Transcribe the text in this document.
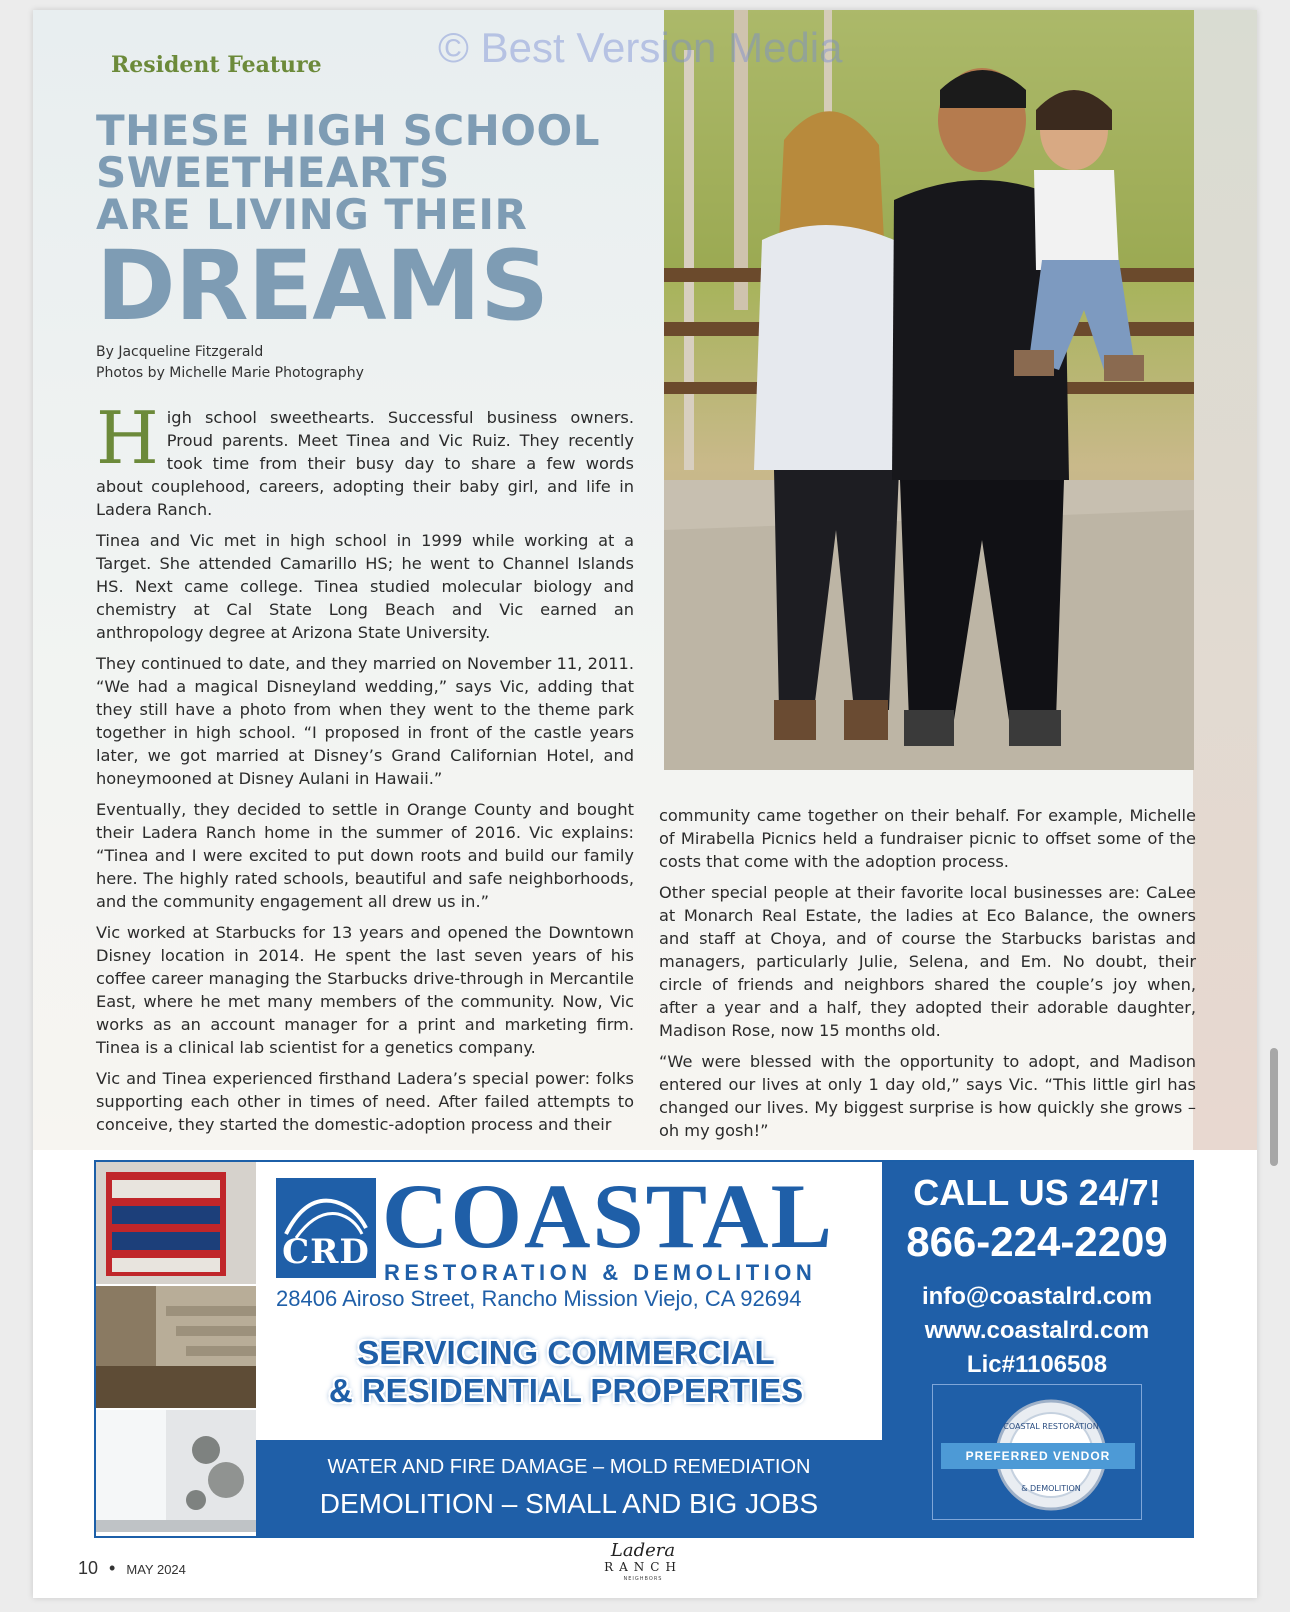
© Best Version Media
Resident Feature
THESE HIGH SCHOOL
SWEETHEARTS
ARE LIVING THEIR
DREAMS
By Jacqueline Fitzgerald
Photos by Michelle Marie Photography

High school sweethearts. Successful business owners. Proud parents. Meet Tinea and Vic Ruiz. They recently took time from their busy day to share a few words about couplehood, careers, adopting their baby girl, and life in Ladera Ranch.

Tinea and Vic met in high school in 1999 while working at a Target. She attended Camarillo HS; he went to Channel Islands HS. Next came college. Tinea studied molecular biology and chemistry at Cal State Long Beach and Vic earned an anthropology degree at Arizona State University.

They continued to date, and they married on November 11, 2011. “We had a magical Disneyland wedding,” says Vic, adding that they still have a photo from when they went to the theme park together in high school. “I proposed in front of the castle years later, we got married at Disney’s Grand Californian Hotel, and honeymooned at Disney Aulani in Hawaii.”

Eventually, they decided to settle in Orange County and bought their Ladera Ranch home in the summer of 2016. Vic explains: “Tinea and I were excited to put down roots and build our family here. The highly rated schools, beautiful and safe neighborhoods, and the community engagement all drew us in.”

Vic worked at Starbucks for 13 years and opened the Downtown Disney location in 2014. He spent the last seven years of his coffee career managing the Starbucks drive-through in Mercantile East, where he met many members of the community. Now, Vic works as an account manager for a print and marketing firm. Tinea is a clinical lab scientist for a genetics company.

Vic and Tinea experienced firsthand Ladera’s special power: folks supporting each other in times of need. After failed attempts to conceive, they started the domestic-adoption process and their

community came together on their behalf. For example, Michelle of Mirabella Picnics held a fundraiser picnic to offset some of the costs that come with the adoption process.

Other special people at their favorite local businesses are: CaLee at Monarch Real Estate, the ladies at Eco Balance, the owners and staff at Choya, and of course the Starbucks baristas and managers, particularly Julie, Selena, and Em. No doubt, their circle of friends and neighbors shared the couple’s joy when, after a year and a half, they adopted their adorable daughter, Madison Rose, now 15 months old.

“We were blessed with the opportunity to adopt, and Madison entered our lives at only 1 day old,” says Vic. “This little girl has changed our lives. My biggest surprise is how quickly she grows – oh my gosh!”

CRD COASTAL
RESTORATION & DEMOLITION
28406 Airoso Street, Rancho Mission Viejo, CA 92694
SERVICING COMMERCIAL
& RESIDENTIAL PROPERTIES
WATER AND FIRE DAMAGE – MOLD REMEDIATION
DEMOLITION – SMALL AND BIG JOBS
CALL US 24/7!
866-224-2209
info@coastalrd.com
www.coastalrd.com
Lic#1106508
COASTAL RESTORATION
& DEMOLITION
PREFERRED VENDOR
10 • MAY 2024
Ladera
RANCH
NEIGHBORS
